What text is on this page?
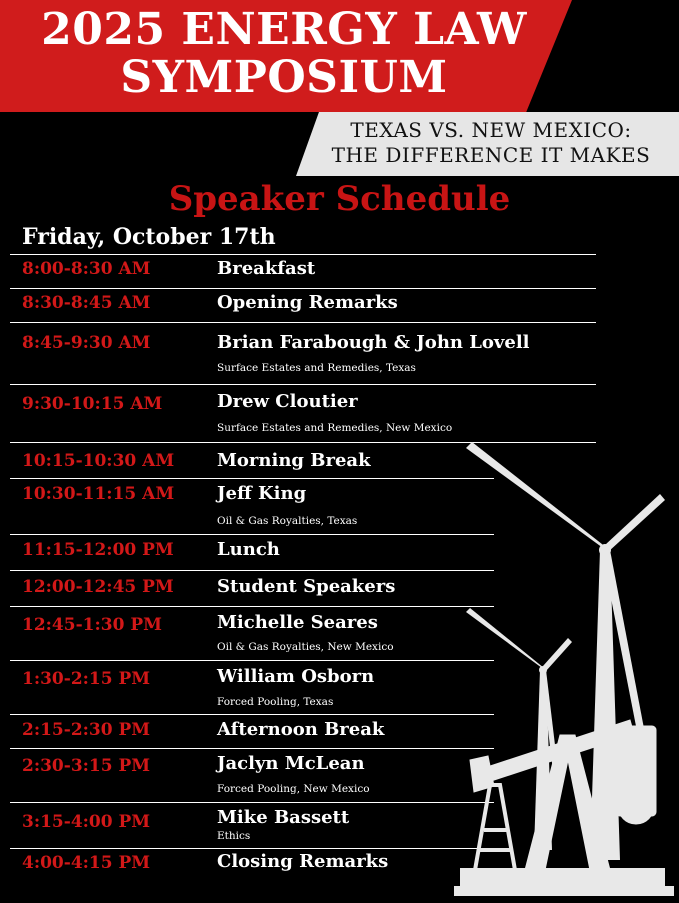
2025 ENERGY LAW
SYMPOSIUM
TEXAS VS. NEW MEXICO:
THE DIFFERENCE IT MAKES
Speaker Schedule
Friday, October 17th
8:00-8:30 AM	Breakfast
8:30-8:45 AM	Opening Remarks
8:45-9:30 AM	Brian Farabough & John Lovell
Surface Estates and Remedies, Texas
9:30-10:15 AM	Drew Cloutier
Surface Estates and Remedies, New Mexico
10:15-10:30 AM Morning Break
10:30-11:15 AM Jeff King
Oil & Gas Royalties, Texas
11:15-12:00 PM Lunch
12:00-12:45 PM Student Speakers
12:45-1:30 PM	Michelle Seares
Oil & Gas Royalties, New Mexico
1:30-2:15 PM	William Osborn
Forced Pooling, Texas
2:15-2:30 PM	Afternoon Break
2:30-3:15 PM	Jaclyn McLean
Forced Pooling, New Mexico
3:15-4:00 PM	Mike Bassett
Ethics
4:00-4:15 PM	Closing Remarks
